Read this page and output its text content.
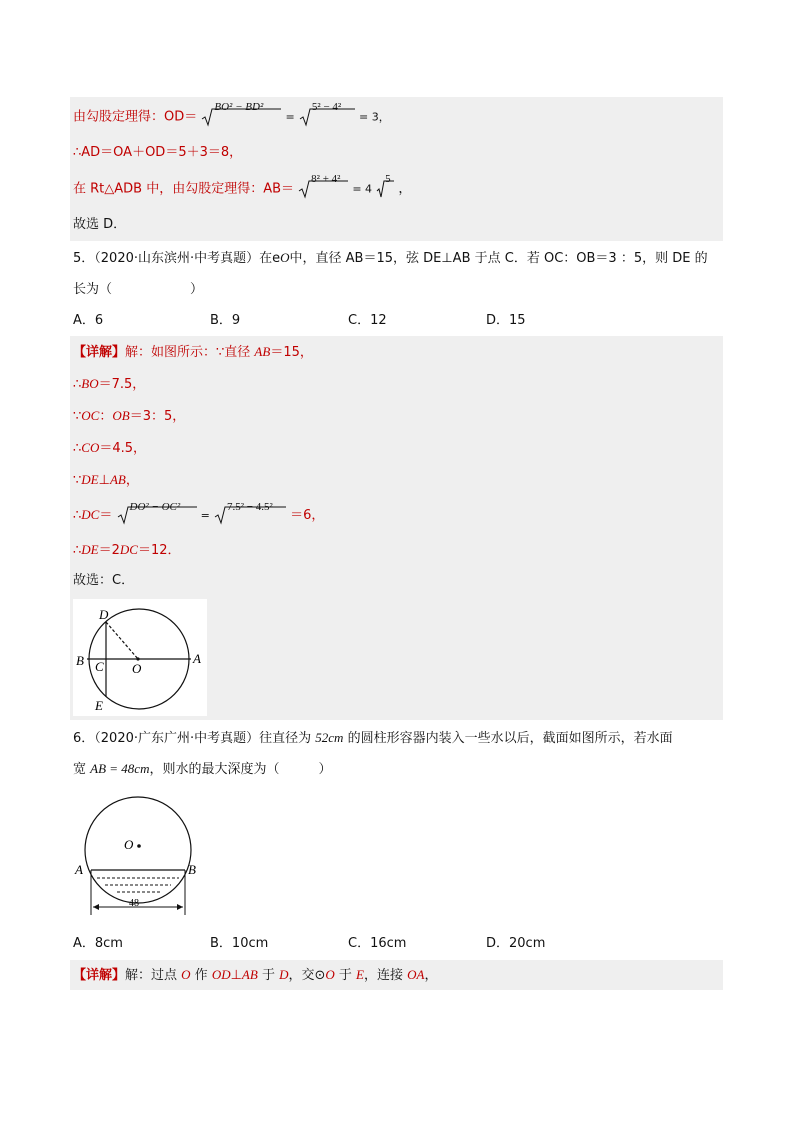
由勾股定理得：OD＝
BO² − BD²
=
5² − 4²
= 3，
∴AD＝OA＋OD＝5＋3＝8，
在 Rt△ADB 中，由勾股定理得：AB＝
8² + 4²
= 4
5
，
故选 D．
5．（2020·山东滨州·中考真题）在eO中，直径 AB＝15，弦 DE⊥AB 于点 C．若 OC：OB＝3 ：5，则 DE 的
长为（　　　　　　）
A．6	B．9	C．12	D．15
【详解】解：如图所示：∵直径 AB＝15，
∴BO＝7.5，
∵OC：OB＝3：5，
∴CO＝4.5，
∵DE⊥AB，
∴DC＝
DO² − OC²
=
7.5² − 4.5²
＝6，
∴DE＝2DC＝12．
故选：C．
D
B C O
A
E
6．（2020·广东广州·中考真题）往直径为 52cm 的圆柱形容器内装入一些水以后，截面如图所示，若水面
宽 AB = 48cm，则水的最大深度为（　　　）
O
A	B
48
A．8cm	B．10cm	C．16cm	D．20cm
【详解】解：过点 O 作 OD⊥AB 于 D，交⊙O 于 E，连接 OA，
